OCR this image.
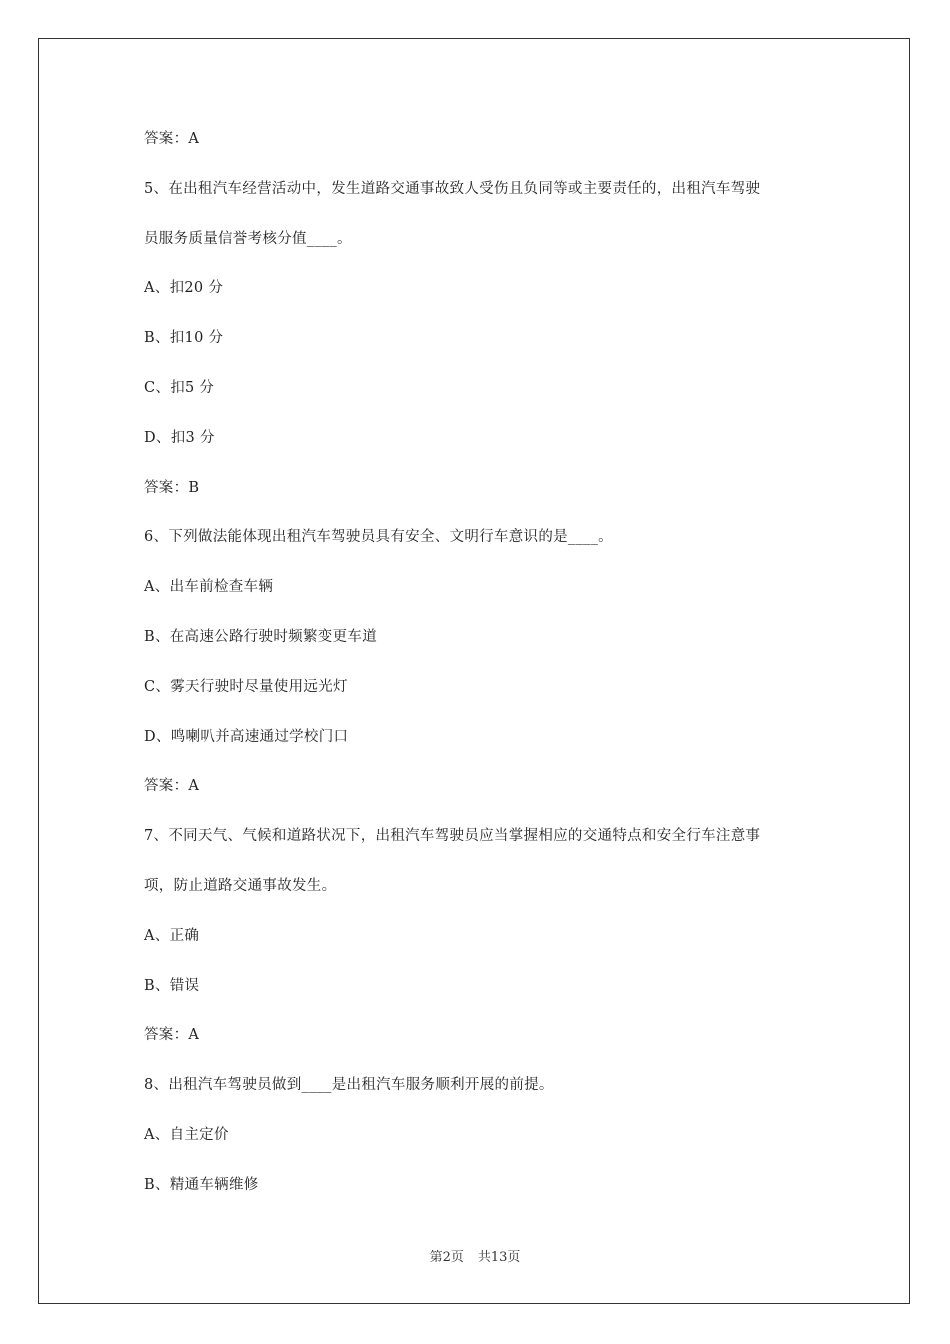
答案：A
5、在出租汽车经营活动中，发生道路交通事故致人受伤且负同等或主要责任的，出租汽车驾驶
员服务质量信誉考核分值____。
A、扣20 分
B、扣10 分
C、扣5 分
D、扣3 分
答案：B
6、下列做法能体现出租汽车驾驶员具有安全、文明行车意识的是____。
A、出车前检查车辆
B、在高速公路行驶时频繁变更车道
C、雾天行驶时尽量使用远光灯
D、鸣喇叭并高速通过学校门口
答案：A
7、不同天气、气候和道路状况下，出租汽车驾驶员应当掌握相应的交通特点和安全行车注意事
项，防止道路交通事故发生。
A、正确
B、错误
答案：A
8、出租汽车驾驶员做到____是出租汽车服务顺利开展的前提。
A、自主定价
B、精通车辆维修
第2页 共13页
